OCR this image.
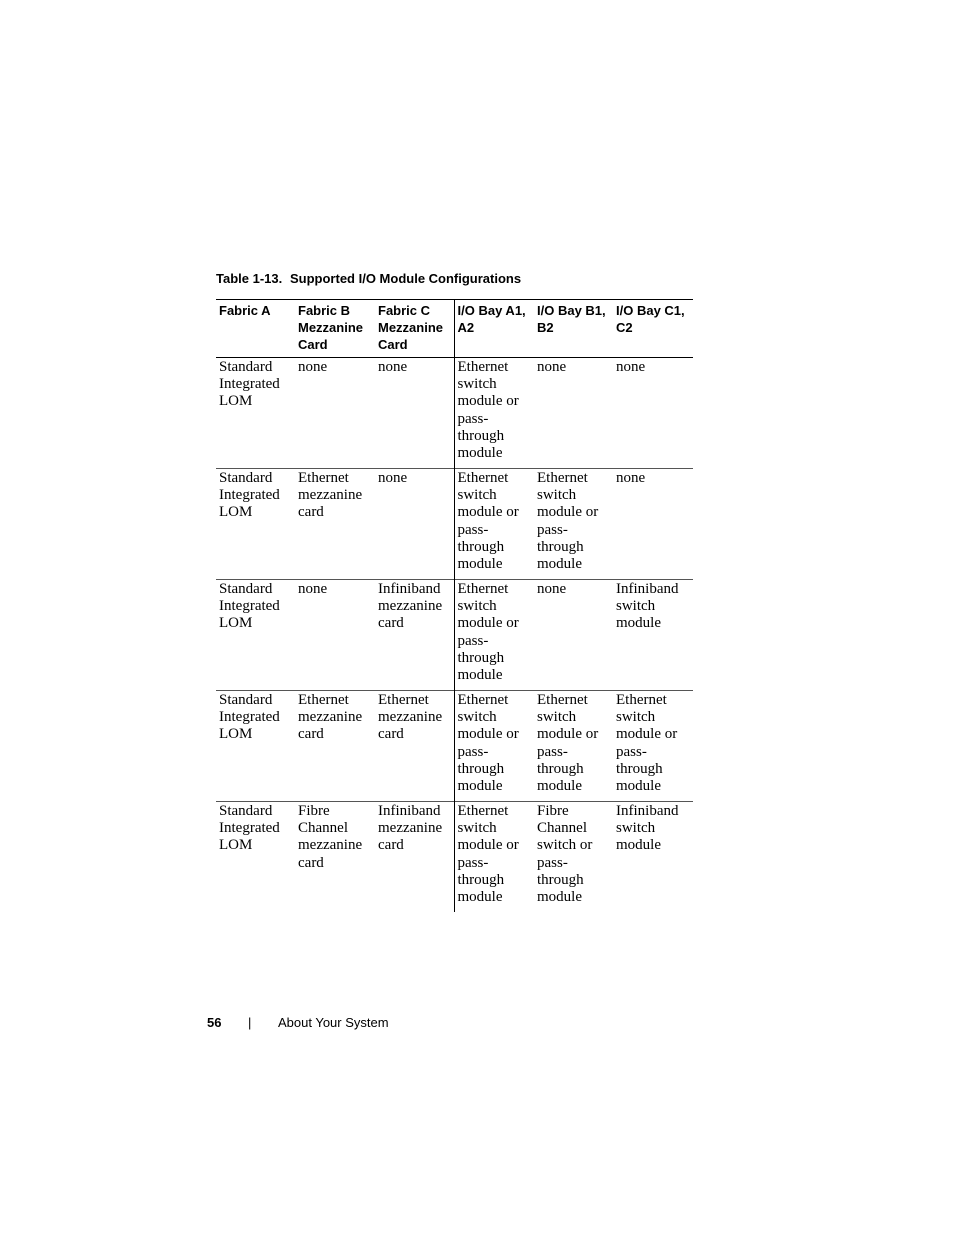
Table 1-13. Supported I/O Module Configurations
Fabric A	Fabric B Mezzanine Card	Fabric C Mezzanine Card	I/O Bay A1, A2	I/O Bay B1, B2	I/O Bay C1, C2
Standard Integrated LOM	none	none	Ethernet switch module or pass-through module	none	none
Standard Integrated LOM	Ethernet mezzanine card	none	Ethernet switch module or pass-through module	Ethernet switch module or pass-through module	none
Standard Integrated LOM	none	Infiniband mezzanine card	Ethernet switch module or pass-through module	none	Infiniband switch module
Standard Integrated LOM	Ethernet mezzanine card	Ethernet mezzanine card	Ethernet switch module or pass-through module	Ethernet switch module or pass-through module	Ethernet switch module or pass-through module
Standard Integrated LOM	Fibre Channel mezzanine card	Infiniband mezzanine card	Ethernet switch module or pass-through module	Fibre Channel switch or pass-through module	Infiniband switch module
56 | About Your System
